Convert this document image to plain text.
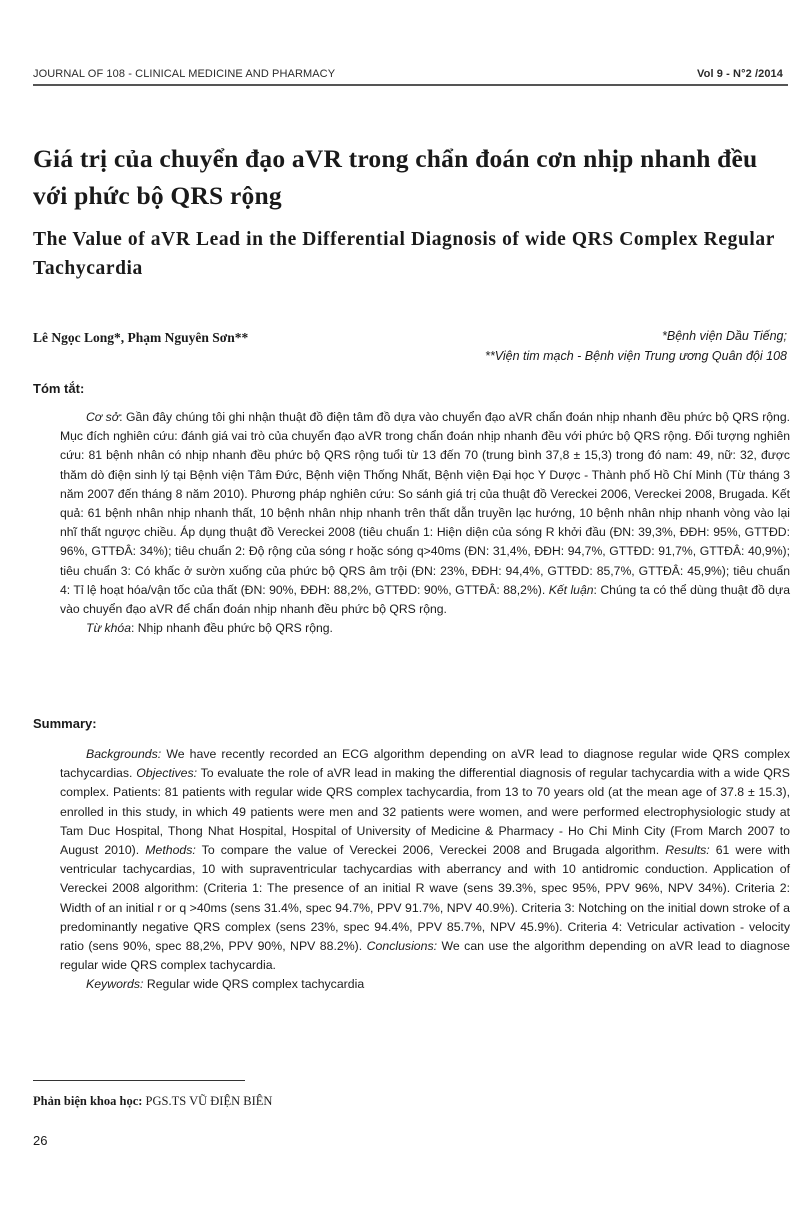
JOURNAL OF 108 - CLINICAL MEDICINE AND PHARMACY	Vol 9 - N°2 /2014
Giá trị của chuyển đạo aVR trong chẩn đoán cơn nhịp nhanh đều với phức bộ QRS rộng
The Value of aVR Lead in the Differential Diagnosis of wide QRS Complex Regular Tachycardia
Lê Ngọc Long*, Phạm Nguyên Sơn**	*Bệnh viện Dầu Tiếng;
**Viện tim mạch - Bệnh viện Trung ương Quân đội 108
Tóm tắt:

Cơ sở: Gần đây chúng tôi ghi nhận thuật đồ điện tâm đồ dựa vào chuyển đạo aVR chẩn đoán nhịp nhanh đều phức bộ QRS rộng. Mục đích nghiên cứu: đánh giá vai trò của chuyển đạo aVR trong chẩn đoán nhịp nhanh đều với phức bộ QRS rộng. Đối tượng nghiên cứu: 81 bệnh nhân có nhịp nhanh đều phức bộ QRS rộng tuổi từ 13 đến 70 (trung bình 37,8 ± 15,3) trong đó nam: 49, nữ: 32, được thăm dò điện sinh lý tại Bệnh viện Tâm Đức, Bệnh viện Thống Nhất, Bệnh viện Đại học Y Dược - Thành phố Hồ Chí Minh (Từ tháng 3 năm 2007 đến tháng 8 năm 2010). Phương pháp nghiên cứu: So sánh giá trị của thuật đồ Vereckei 2006, Vereckei 2008, Brugada. Kết quả: 61 bệnh nhân nhịp nhanh thất, 10 bệnh nhân nhịp nhanh trên thất dẫn truyền lạc hướng, 10 bệnh nhân nhịp nhanh vòng vào lại nhĩ thất ngược chiều. Áp dụng thuật đồ Vereckei 2008 (tiêu chuẩn 1: Hiện diện của sóng R khởi đầu (ĐN: 39,3%, ĐĐH: 95%, GTTĐD: 96%, GTTĐÂ: 34%); tiêu chuẩn 2: Độ rộng của sóng r hoặc sóng q>40ms (ĐN: 31,4%, ĐĐH: 94,7%, GTTĐD: 91,7%, GTTĐÂ: 40,9%); tiêu chuẩn 3: Có khấc ở sườn xuống của phức bộ QRS âm trội (ĐN: 23%, ĐĐH: 94,4%, GTTĐD: 85,7%, GTTĐÂ: 45,9%); tiêu chuẩn 4: Tỉ lệ hoạt hóa/vận tốc của thất (ĐN: 90%, ĐĐH: 88,2%, GTTĐD: 90%, GTTĐÂ: 88,2%). Kết luận: Chúng ta có thể dùng thuật đồ dựa vào chuyển đạo aVR để chẩn đoán nhịp nhanh đều phức bộ QRS rộng.

Từ khóa: Nhịp nhanh đều phức bộ QRS rộng.

Summary:

Backgrounds: We have recently recorded an ECG algorithm depending on aVR lead to diagnose regular wide QRS complex tachycardias. Objectives: To evaluate the role of aVR lead in making the differential diagnosis of regular tachycardia with a wide QRS complex. Patients: 81 patients with regular wide QRS complex tachycardia, from 13 to 70 years old (at the mean age of 37.8 ± 15.3), enrolled in this study, in which 49 patients were men and 32 patients were women, and were performed electrophysiologic study at Tam Duc Hospital, Thong Nhat Hospital, Hospital of University of Medicine & Pharmacy - Ho Chi Minh City (From March 2007 to August 2010). Methods: To compare the value of Vereckei 2006, Vereckei 2008 and Brugada algorithm. Results: 61 were with ventricular tachycardias, 10 with supraventricular tachycardias with aberrancy and with 10 antidromic conduction. Application of Vereckei 2008 algorithm: (Criteria 1: The presence of an initial R wave (sens 39.3%, spec 95%, PPV 96%, NPV 34%). Criteria 2: Width of an initial r or q >40ms (sens 31.4%, spec 94.7%, PPV 91.7%, NPV 40.9%). Criteria 3: Notching on the initial down stroke of a predominantly negative QRS complex (sens 23%, spec 94.4%, PPV 85.7%, NPV 45.9%). Criteria 4: Vetricular activation - velocity ratio (sens 90%, spec 88,2%, PPV 90%, NPV 88.2%). Conclusions: We can use the algorithm depending on aVR lead to diagnose regular wide QRS complex tachycardia.

Keywords: Regular wide QRS complex tachycardia

Phản biện khoa học: PGS.TS VŨ ĐIỆN BIÊN
26
